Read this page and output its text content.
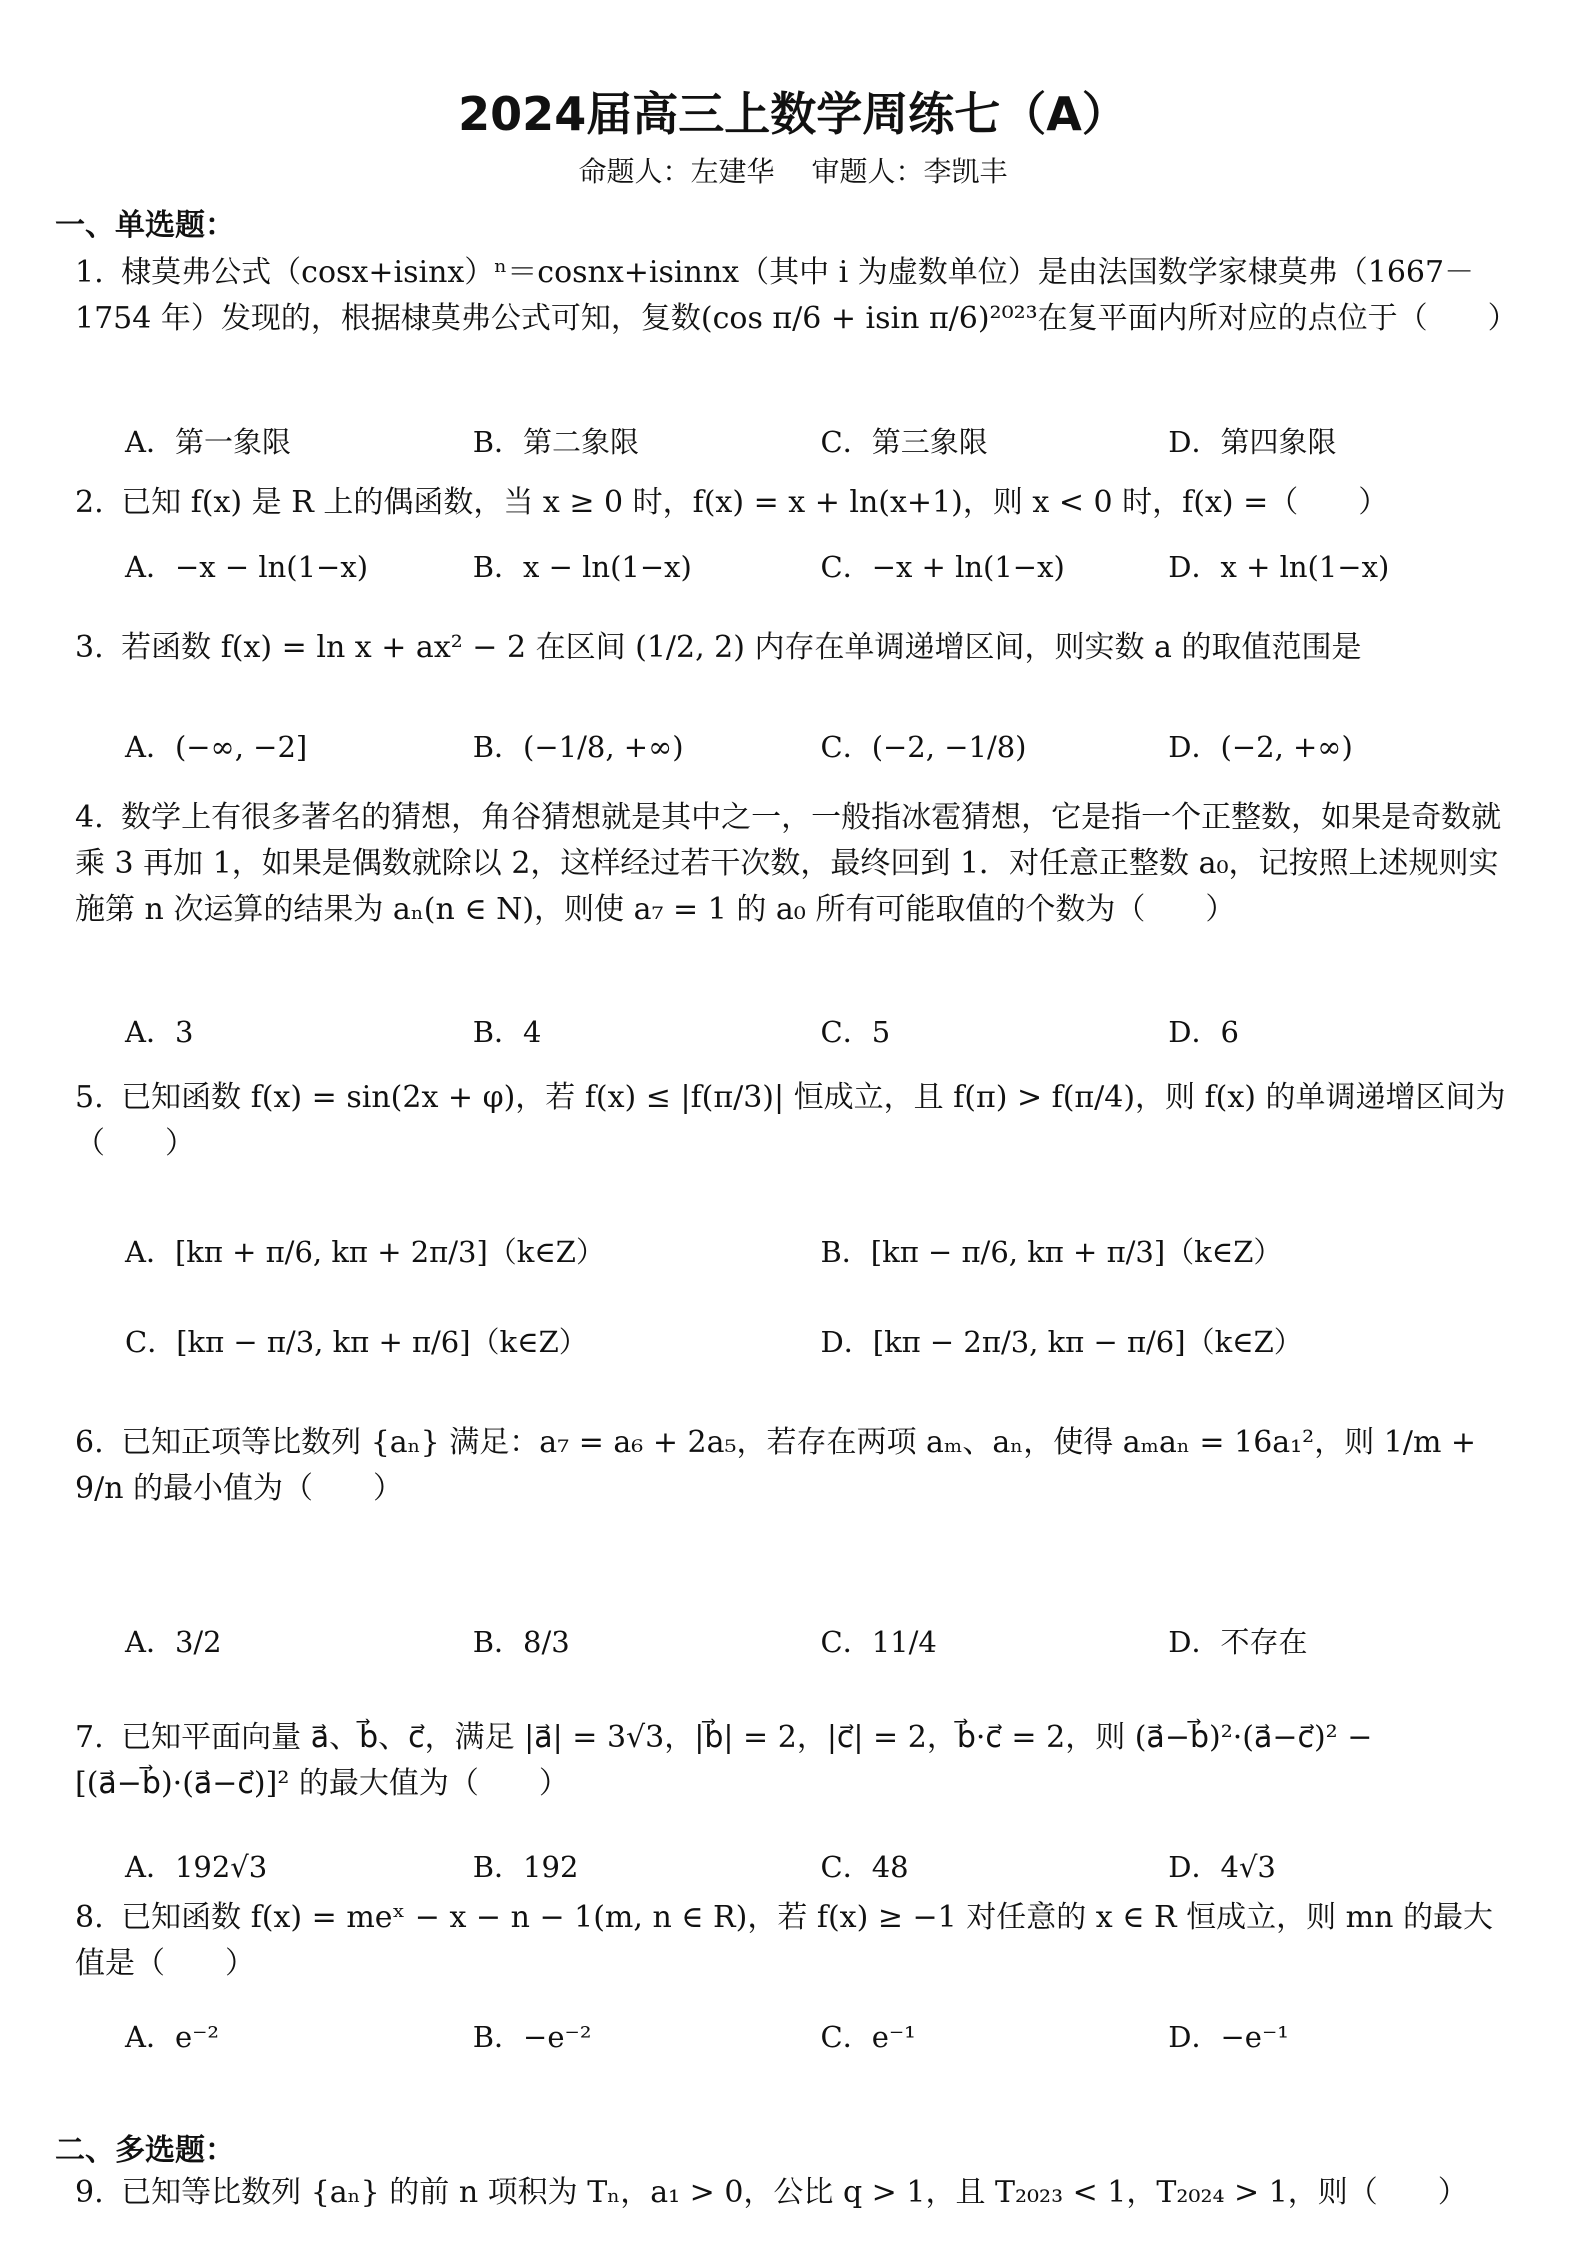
2024届高三上数学周练七（A）
命题人：左建华 审题人：李凯丰
一、单选题：
1. 棣莫弗公式（cosx+isinx）ⁿ＝cosnx+isinnx（其中 i 为虚数单位）是由法国数学家棣莫弗（1667－1754 年）发现的，根据棣莫弗公式可知，复数(cos π/6 + isin π/6)²⁰²³在复平面内所对应的点位于（　　）
A．第一象限	B．第二象限	C．第三象限	D．第四象限
2. 已知 f(x) 是 R 上的偶函数，当 x ≥ 0 时，f(x) = x + ln(x+1)，则 x < 0 时，f(x) =（　　）
A．−x − ln(1−x)	B．x − ln(1−x)	C．−x + ln(1−x)	D．x + ln(1−x)
3. 若函数 f(x) = ln x + ax² − 2 在区间 (1/2, 2) 内存在单调递增区间，则实数 a 的取值范围是
A．(−∞, −2]	B．(−1/8, +∞)	C．(−2, −1/8)	D．(−2, +∞)
4. 数学上有很多著名的猜想，角谷猜想就是其中之一，一般指冰雹猜想，它是指一个正整数，如果是奇数就乘 3 再加 1，如果是偶数就除以 2，这样经过若干次数，最终回到 1．对任意正整数 a₀，记按照上述规则实施第 n 次运算的结果为 aₙ(n ∈ N)，则使 a₇ = 1 的 a₀ 所有可能取值的个数为（　　）
A．3	B．4	C．5	D．6
5. 已知函数 f(x) = sin(2x + φ)，若 f(x) ≤ |f(π/3)| 恒成立，且 f(π) > f(π/4)，则 f(x) 的单调递增区间为（　　）
A．[kπ + π/6, kπ + 2π/3]（k∈Z）	B．[kπ − π/6, kπ + π/3]（k∈Z）
C．[kπ − π/3, kπ + π/6]（k∈Z）	D．[kπ − 2π/3, kπ − π/6]（k∈Z）
6. 已知正项等比数列 {aₙ} 满足：a₇ = a₆ + 2a₅，若存在两项 aₘ、aₙ，使得 aₘaₙ = 16a₁²，则 1/m + 9/n 的最小值为（　　）
A．3/2	B．8/3	C．11/4	D．不存在
7. 已知平面向量 a⃗、b⃗、c⃗，满足 |a⃗| = 3√3，|b⃗| = 2，|c⃗| = 2，b⃗·c⃗ = 2，则 (a⃗−b⃗)²·(a⃗−c⃗)² − [(a⃗−b⃗)·(a⃗−c⃗)]² 的最大值为（　　）
A．192√3	B．192	C．48	D．4√3
8. 已知函数 f(x) = meˣ − x − n − 1(m, n ∈ R)，若 f(x) ≥ −1 对任意的 x ∈ R 恒成立，则 mn 的最大值是（　　）
A．e⁻²	B．−e⁻²	C．e⁻¹	D．−e⁻¹
二、多选题：
9. 已知等比数列 {aₙ} 的前 n 项积为 Tₙ，a₁ > 0，公比 q > 1，且 T₂₀₂₃ < 1，T₂₀₂₄ > 1，则（　　）
